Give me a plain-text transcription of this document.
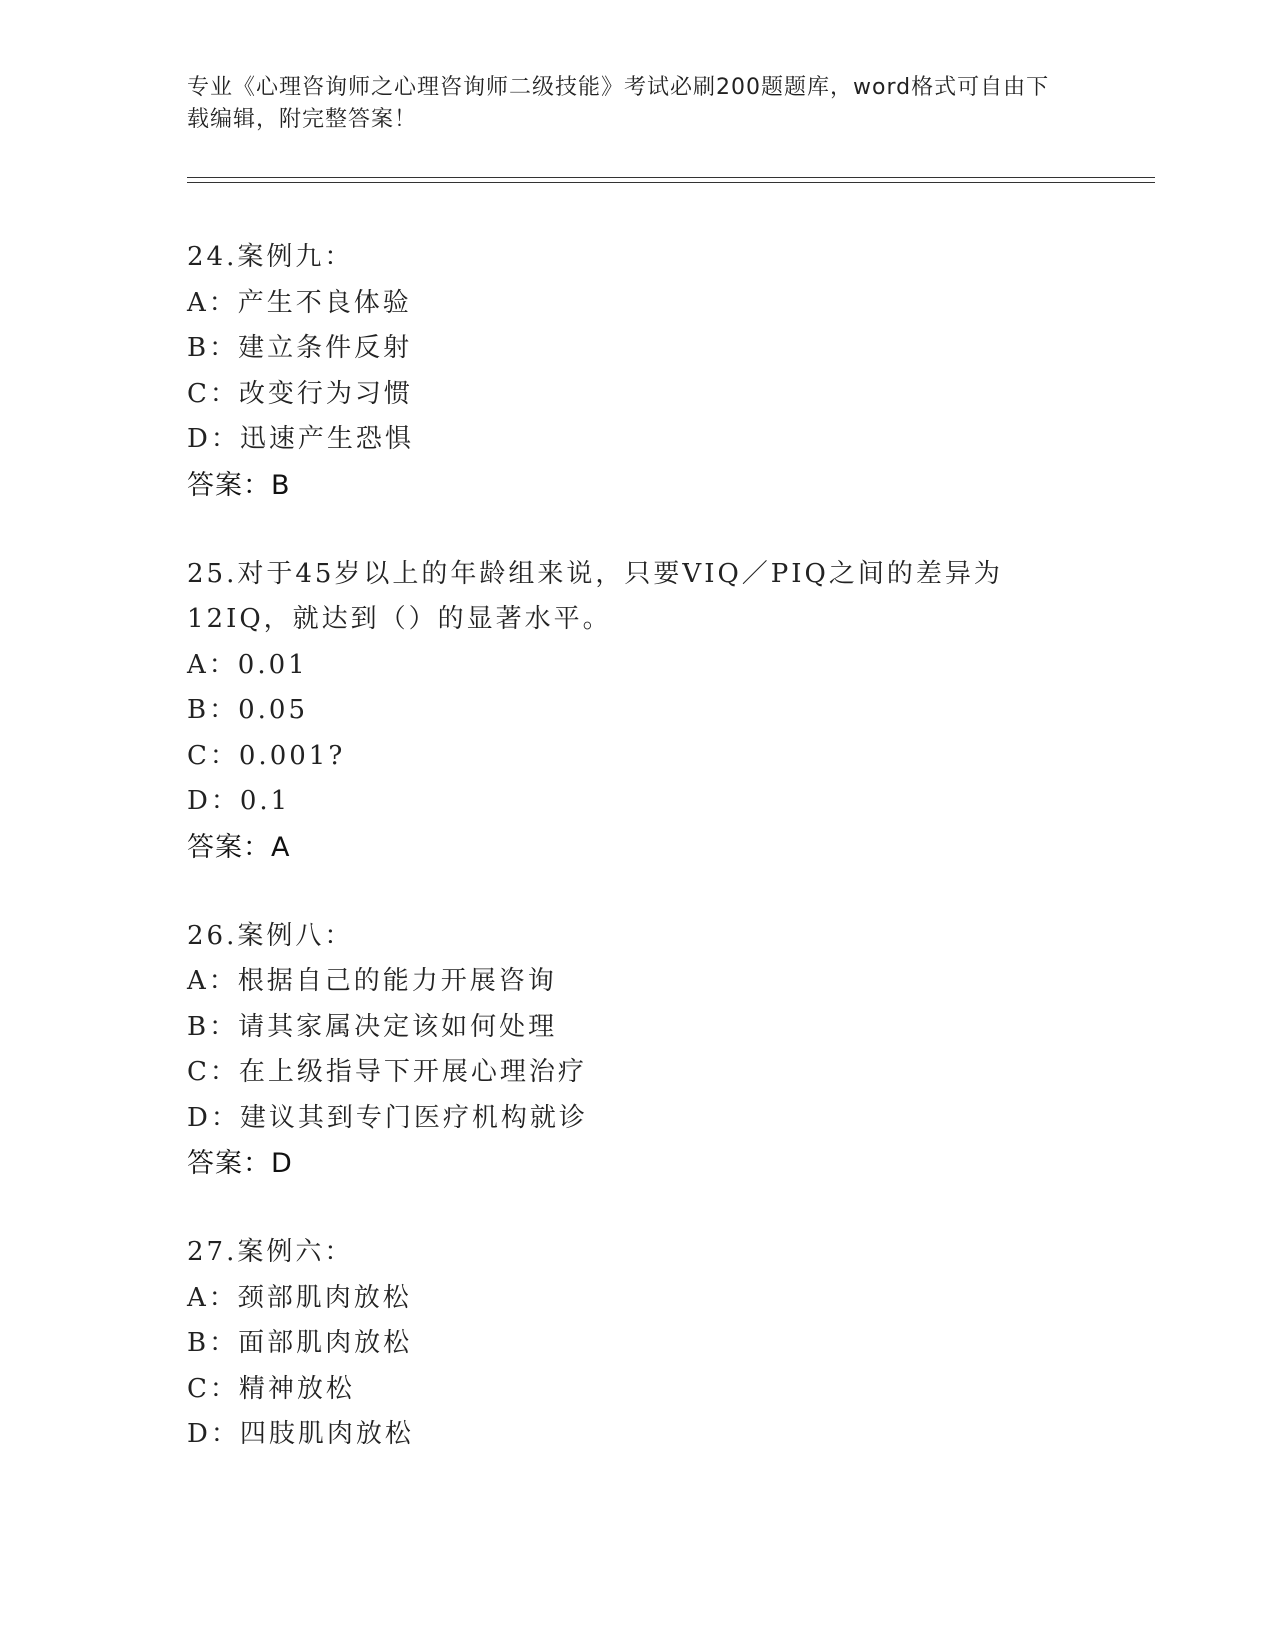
专业《心理咨询师之心理咨询师二级技能》考试必刷200题题库，word格式可自由下载编辑，附完整答案！
24.案例九：
A：产生不良体验
B：建立条件反射
C：改变行为习惯
D：迅速产生恐惧
答案：B
25.对于45岁以上的年龄组来说，只要VIQ／PIQ之间的差异为12IQ，就达到（）的显著水平。
A：0.01
B：0.05
C：0.001?
D：0.1
答案：A
26.案例八：
A：根据自己的能力开展咨询
B：请其家属决定该如何处理
C：在上级指导下开展心理治疗
D：建议其到专门医疗机构就诊
答案：D
27.案例六：
A：颈部肌肉放松
B：面部肌肉放松
C：精神放松
D：四肢肌肉放松
